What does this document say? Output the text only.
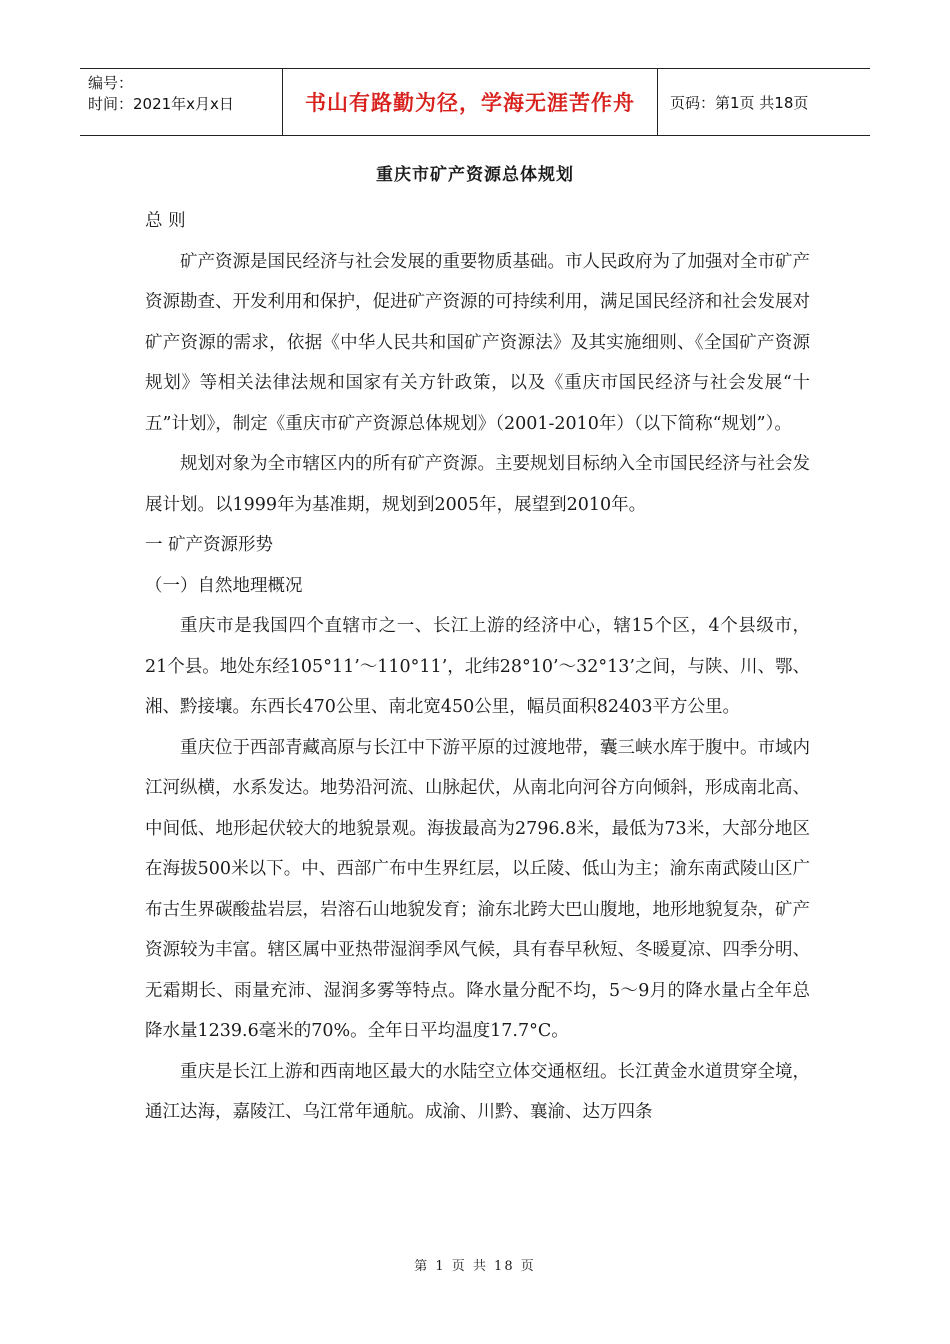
编号：
时间：2021年x月x日	书山有路勤为径，学海无涯苦作舟	页码：第1页 共18页
重庆市矿产资源总体规划

总 则

矿产资源是国民经济与社会发展的重要物质基础。市人民政府为了加强对全市矿产资源勘查、开发利用和保护，促进矿产资源的可持续利用，满足国民经济和社会发展对矿产资源的需求，依据《中华人民共和国矿产资源法》及其实施细则、《全国矿产资源规划》等相关法律法规和国家有关方针政策，以及《重庆市国民经济与社会发展“十五”计划》，制定《重庆市矿产资源总体规划》（2001-2010年）（以下简称“规划”）。

规划对象为全市辖区内的所有矿产资源。主要规划目标纳入全市国民经济与社会发展计划。以1999年为基准期，规划到2005年，展望到2010年。

一 矿产资源形势

（一）自然地理概况

重庆市是我国四个直辖市之一、长江上游的经济中心，辖15个区，4个县级市，21个县。地处东经105°11’～110°11’，北纬28°10’～32°13’之间，与陕、川、鄂、湘、黔接壤。东西长470公里、南北宽450公里，幅员面积82403平方公里。

重庆位于西部青藏高原与长江中下游平原的过渡地带，囊三峡水库于腹中。市域内江河纵横，水系发达。地势沿河流、山脉起伏，从南北向河谷方向倾斜，形成南北高、中间低、地形起伏较大的地貌景观。海拔最高为2796.8米，最低为73米，大部分地区在海拔500米以下。中、西部广布中生界红层，以丘陵、低山为主；渝东南武陵山区广布古生界碳酸盐岩层，岩溶石山地貌发育；渝东北跨大巴山腹地，地形地貌复杂，矿产资源较为丰富。辖区属中亚热带湿润季风气候，具有春早秋短、冬暖夏凉、四季分明、无霜期长、雨量充沛、湿润多雾等特点。降水量分配不均，5～9月的降水量占全年总降水量1239.6毫米的70%。全年日平均温度17.7°C。

重庆是长江上游和西南地区最大的水陆空立体交通枢纽。长江黄金水道贯穿全境，通江达海，嘉陵江、乌江常年通航。成渝、川黔、襄渝、达万四条

第 1 页 共 18 页
